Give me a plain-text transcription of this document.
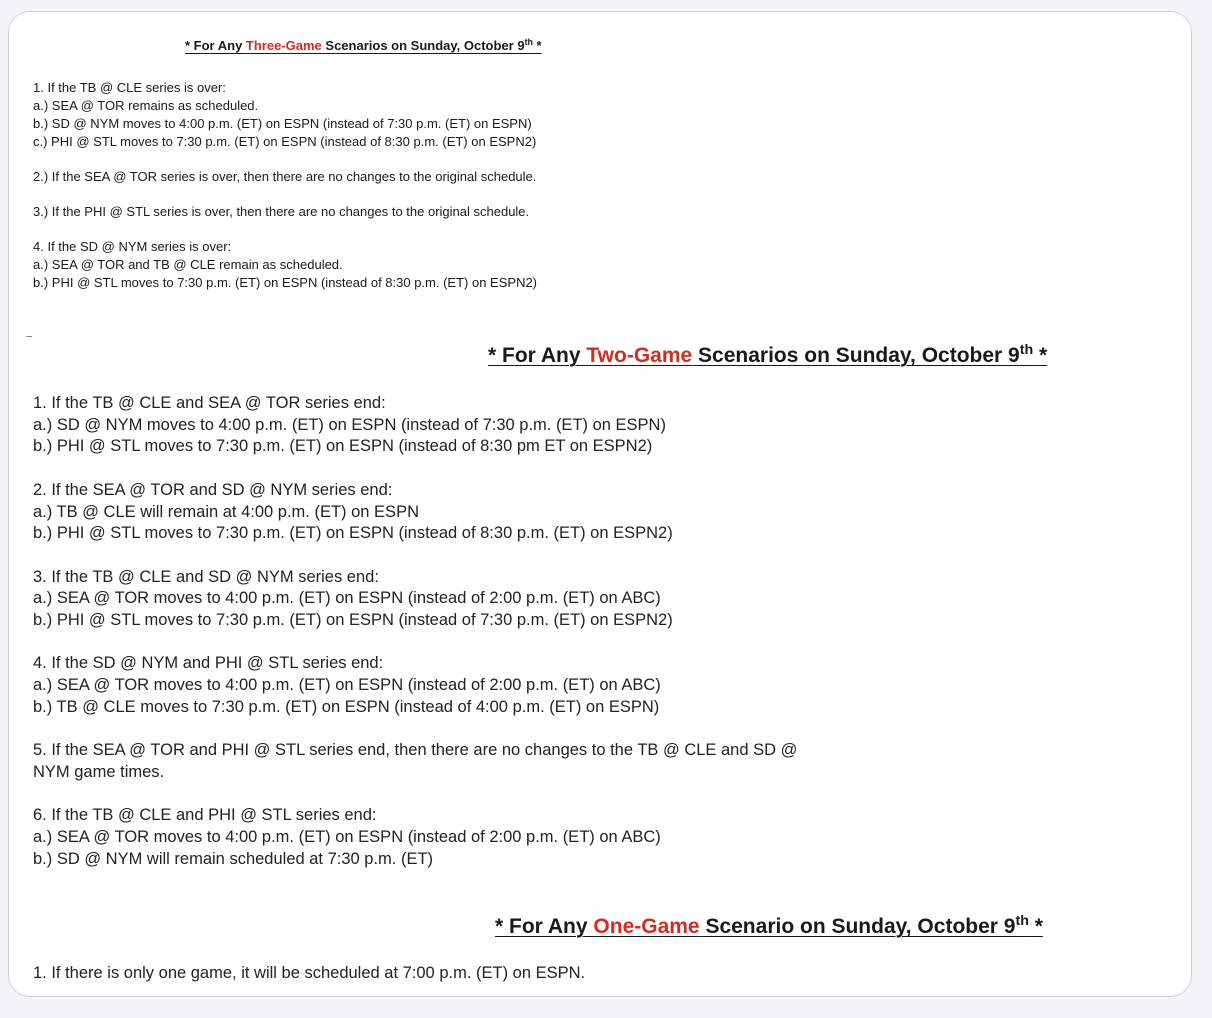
* For Any Three-Game Scenarios on Sunday, October 9th *
1. If the TB @ CLE series is over:
a.) SEA @ TOR remains as scheduled.
b.) SD @ NYM moves to 4:00 p.m. (ET) on ESPN (instead of 7:30 p.m. (ET) on ESPN)
c.) PHI @ STL moves to 7:30 p.m. (ET) on ESPN (instead of 8:30 p.m. (ET) on ESPN2)
2.) If the SEA @ TOR series is over, then there are no changes to the original schedule.
3.) If the PHI @ STL series is over, then there are no changes to the original schedule.
4. If the SD @ NYM series is over:
a.) SEA @ TOR and TB @ CLE remain as scheduled.
b.) PHI @ STL moves to 7:30 p.m. (ET) on ESPN (instead of 8:30 p.m. (ET) on ESPN2)
* For Any Two-Game Scenarios on Sunday, October 9th *
1. If the TB @ CLE and SEA @ TOR series end:
a.) SD @ NYM moves to 4:00 p.m. (ET) on ESPN (instead of 7:30 p.m. (ET) on ESPN)
b.) PHI @ STL moves to 7:30 p.m. (ET) on ESPN (instead of 8:30 pm ET on ESPN2)
2. If the SEA @ TOR and SD @ NYM series end:
a.) TB @ CLE will remain at 4:00 p.m. (ET) on ESPN
b.) PHI @ STL moves to 7:30 p.m. (ET) on ESPN (instead of 8:30 p.m. (ET) on ESPN2)
3. If the TB @ CLE and SD @ NYM series end:
a.) SEA @ TOR moves to 4:00 p.m. (ET) on ESPN (instead of 2:00 p.m. (ET) on ABC)
b.) PHI @ STL moves to 7:30 p.m. (ET) on ESPN (instead of 7:30 p.m. (ET) on ESPN2)
4. If the SD @ NYM and PHI @ STL series end:
a.) SEA @ TOR moves to 4:00 p.m. (ET) on ESPN (instead of 2:00 p.m. (ET) on ABC)
b.) TB @ CLE moves to 7:30 p.m. (ET) on ESPN (instead of 4:00 p.m. (ET) on ESPN)
5. If the SEA @ TOR and PHI @ STL series end, then there are no changes to the TB @ CLE and SD @
NYM game times.
6. If the TB @ CLE and PHI @ STL series end:
a.) SEA @ TOR moves to 4:00 p.m. (ET) on ESPN (instead of 2:00 p.m. (ET) on ABC)
b.) SD @ NYM will remain scheduled at 7:30 p.m. (ET)
* For Any One-Game Scenario on Sunday, October 9th *
1. If there is only one game, it will be scheduled at 7:00 p.m. (ET) on ESPN.
